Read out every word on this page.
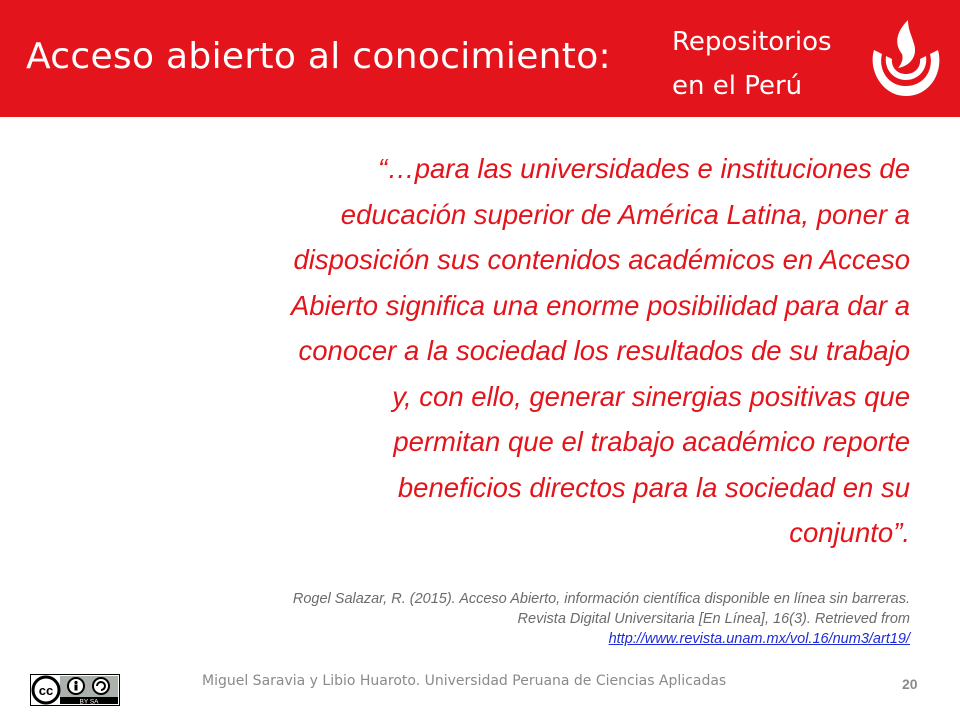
Acceso abierto al conocimiento: Repositorios
en el Perú
“…para las universidades e instituciones de
educación superior de América Latina, poner a
disposición sus contenidos académicos en Acceso
Abierto significa una enorme posibilidad para dar a
conocer a la sociedad los resultados de su trabajo
y, con ello, generar sinergias positivas que
permitan que el trabajo académico reporte
beneficios directos para la sociedad en su
conjunto”.
Rogel Salazar, R. (2015). Acceso Abierto, información científica disponible en línea sin barreras.
Revista Digital Universitaria [En Línea], 16(3). Retrieved from
http://www.revista.unam.mx/vol.16/num3/art19/
cc
BY SA
Miguel Saravia y Libio Huaroto. Universidad Peruana de Ciencias Aplicadas	20
